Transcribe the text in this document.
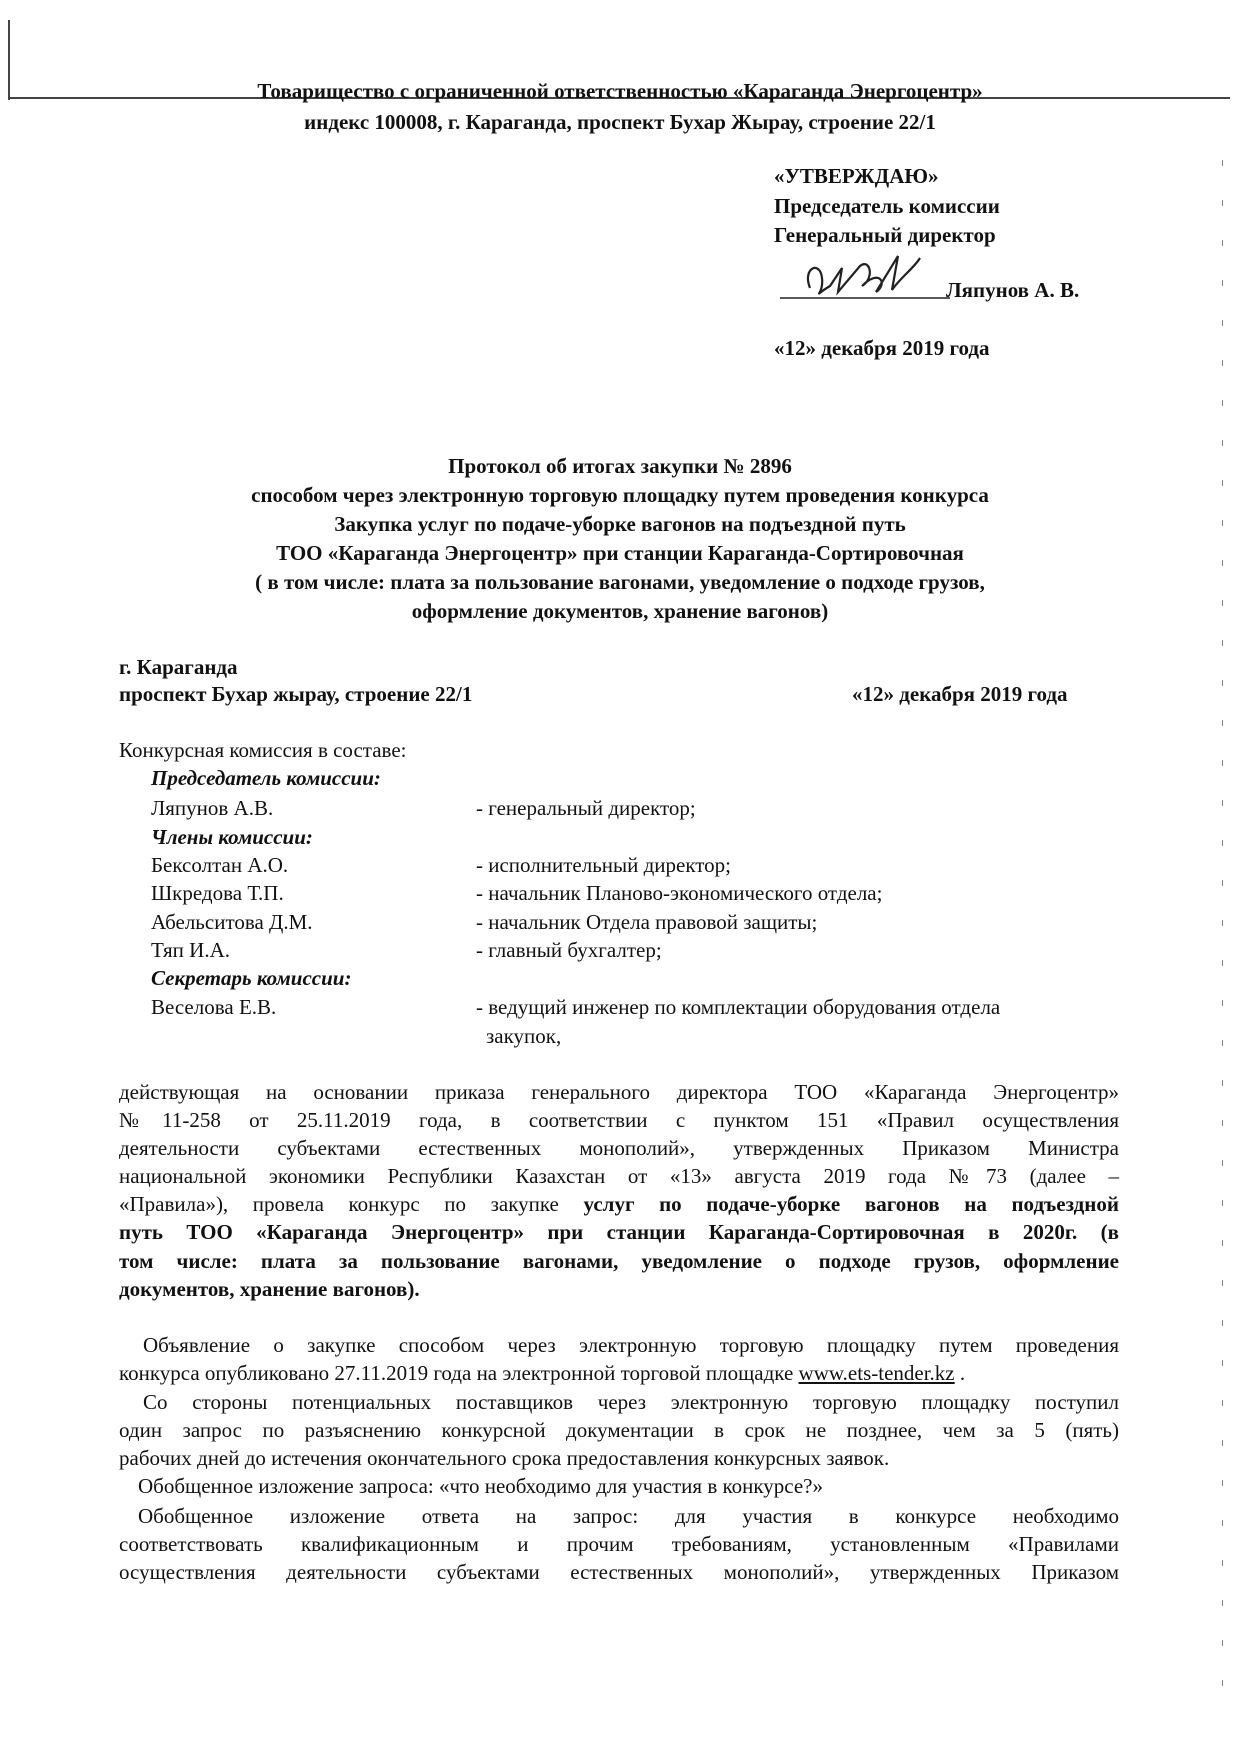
Товарищество с ограниченной ответственностью «Караганда Энергоцентр»
индекс 100008, г. Караганда, проспект Бухар Жырау, строение 22/1
«УТВЕРЖДАЮ»
Председатель комиссии
Генеральный директор
Ляпунов А. В.
«12» декабря 2019 года
Протокол об итогах закупки № 2896
способом через электронную торговую площадку путем проведения конкурса
Закупка услуг по подаче-уборке вагонов на подъездной путь
ТОО «Караганда Энергоцентр» при станции Караганда-Сортировочная
( в том числе: плата за пользование вагонами, уведомление о подходе грузов,
оформление документов, хранение вагонов)
г. Караганда
проспект Бухар жырау, строение 22/1	«12» декабря 2019 года
Конкурсная комиссия в составе:
Председатель комиссии:
Ляпунов А.В.	- генеральный директор;
Члены комиссии:
Бексолтан А.О.	- исполнительный директор;
Шкредова Т.П.	- начальник Планово-экономического отдела;
Абельситова Д.М.	- начальник Отдела правовой защиты;
Тяп И.А.	- главный бухгалтер;
Секретарь комиссии:
Веселова Е.В.	- ведущий инженер по комплектации оборудования отдела
закупок,
действующая на основании приказа генерального директора ТОО «Караганда Энергоцентр»
№11-258 от 25.11.2019 года, в соответствии с пунктом 151 «Правил осуществления
деятельности субъектами естественных монополий», утвержденных Приказом Министра
национальной экономики Республики Казахстан от «13» августа 2019 года №73 (далее –
«Правила»), провела конкурс по закупке услуг по подаче-уборке вагонов на подъездной
путь ТОО «Караганда Энергоцентр» при станции Караганда-Сортировочная в 2020г. (в
том числе: плата за пользование вагонами, уведомление о подходе грузов, оформление
документов, хранение вагонов).
Объявление о закупке способом через электронную торговую площадку путем проведения
конкурса опубликовано 27.11.2019 года на электронной торговой площадке www.ets-tender.kz .
Со стороны потенциальных поставщиков через электронную торговую площадку поступил
один запрос по разъяснению конкурсной документации в срок не позднее, чем за 5 (пять)
рабочих дней до истечения окончательного срока предоставления конкурсных заявок.
Обобщенное изложение запроса: «что необходимо для участия в конкурсе?»
Обобщенное изложение ответа на запрос: для участия в конкурсе необходимо
соответствовать квалификационным и прочим требованиям, установленным «Правилами
осуществления деятельности субъектами естественных монополий», утвержденных Приказом
